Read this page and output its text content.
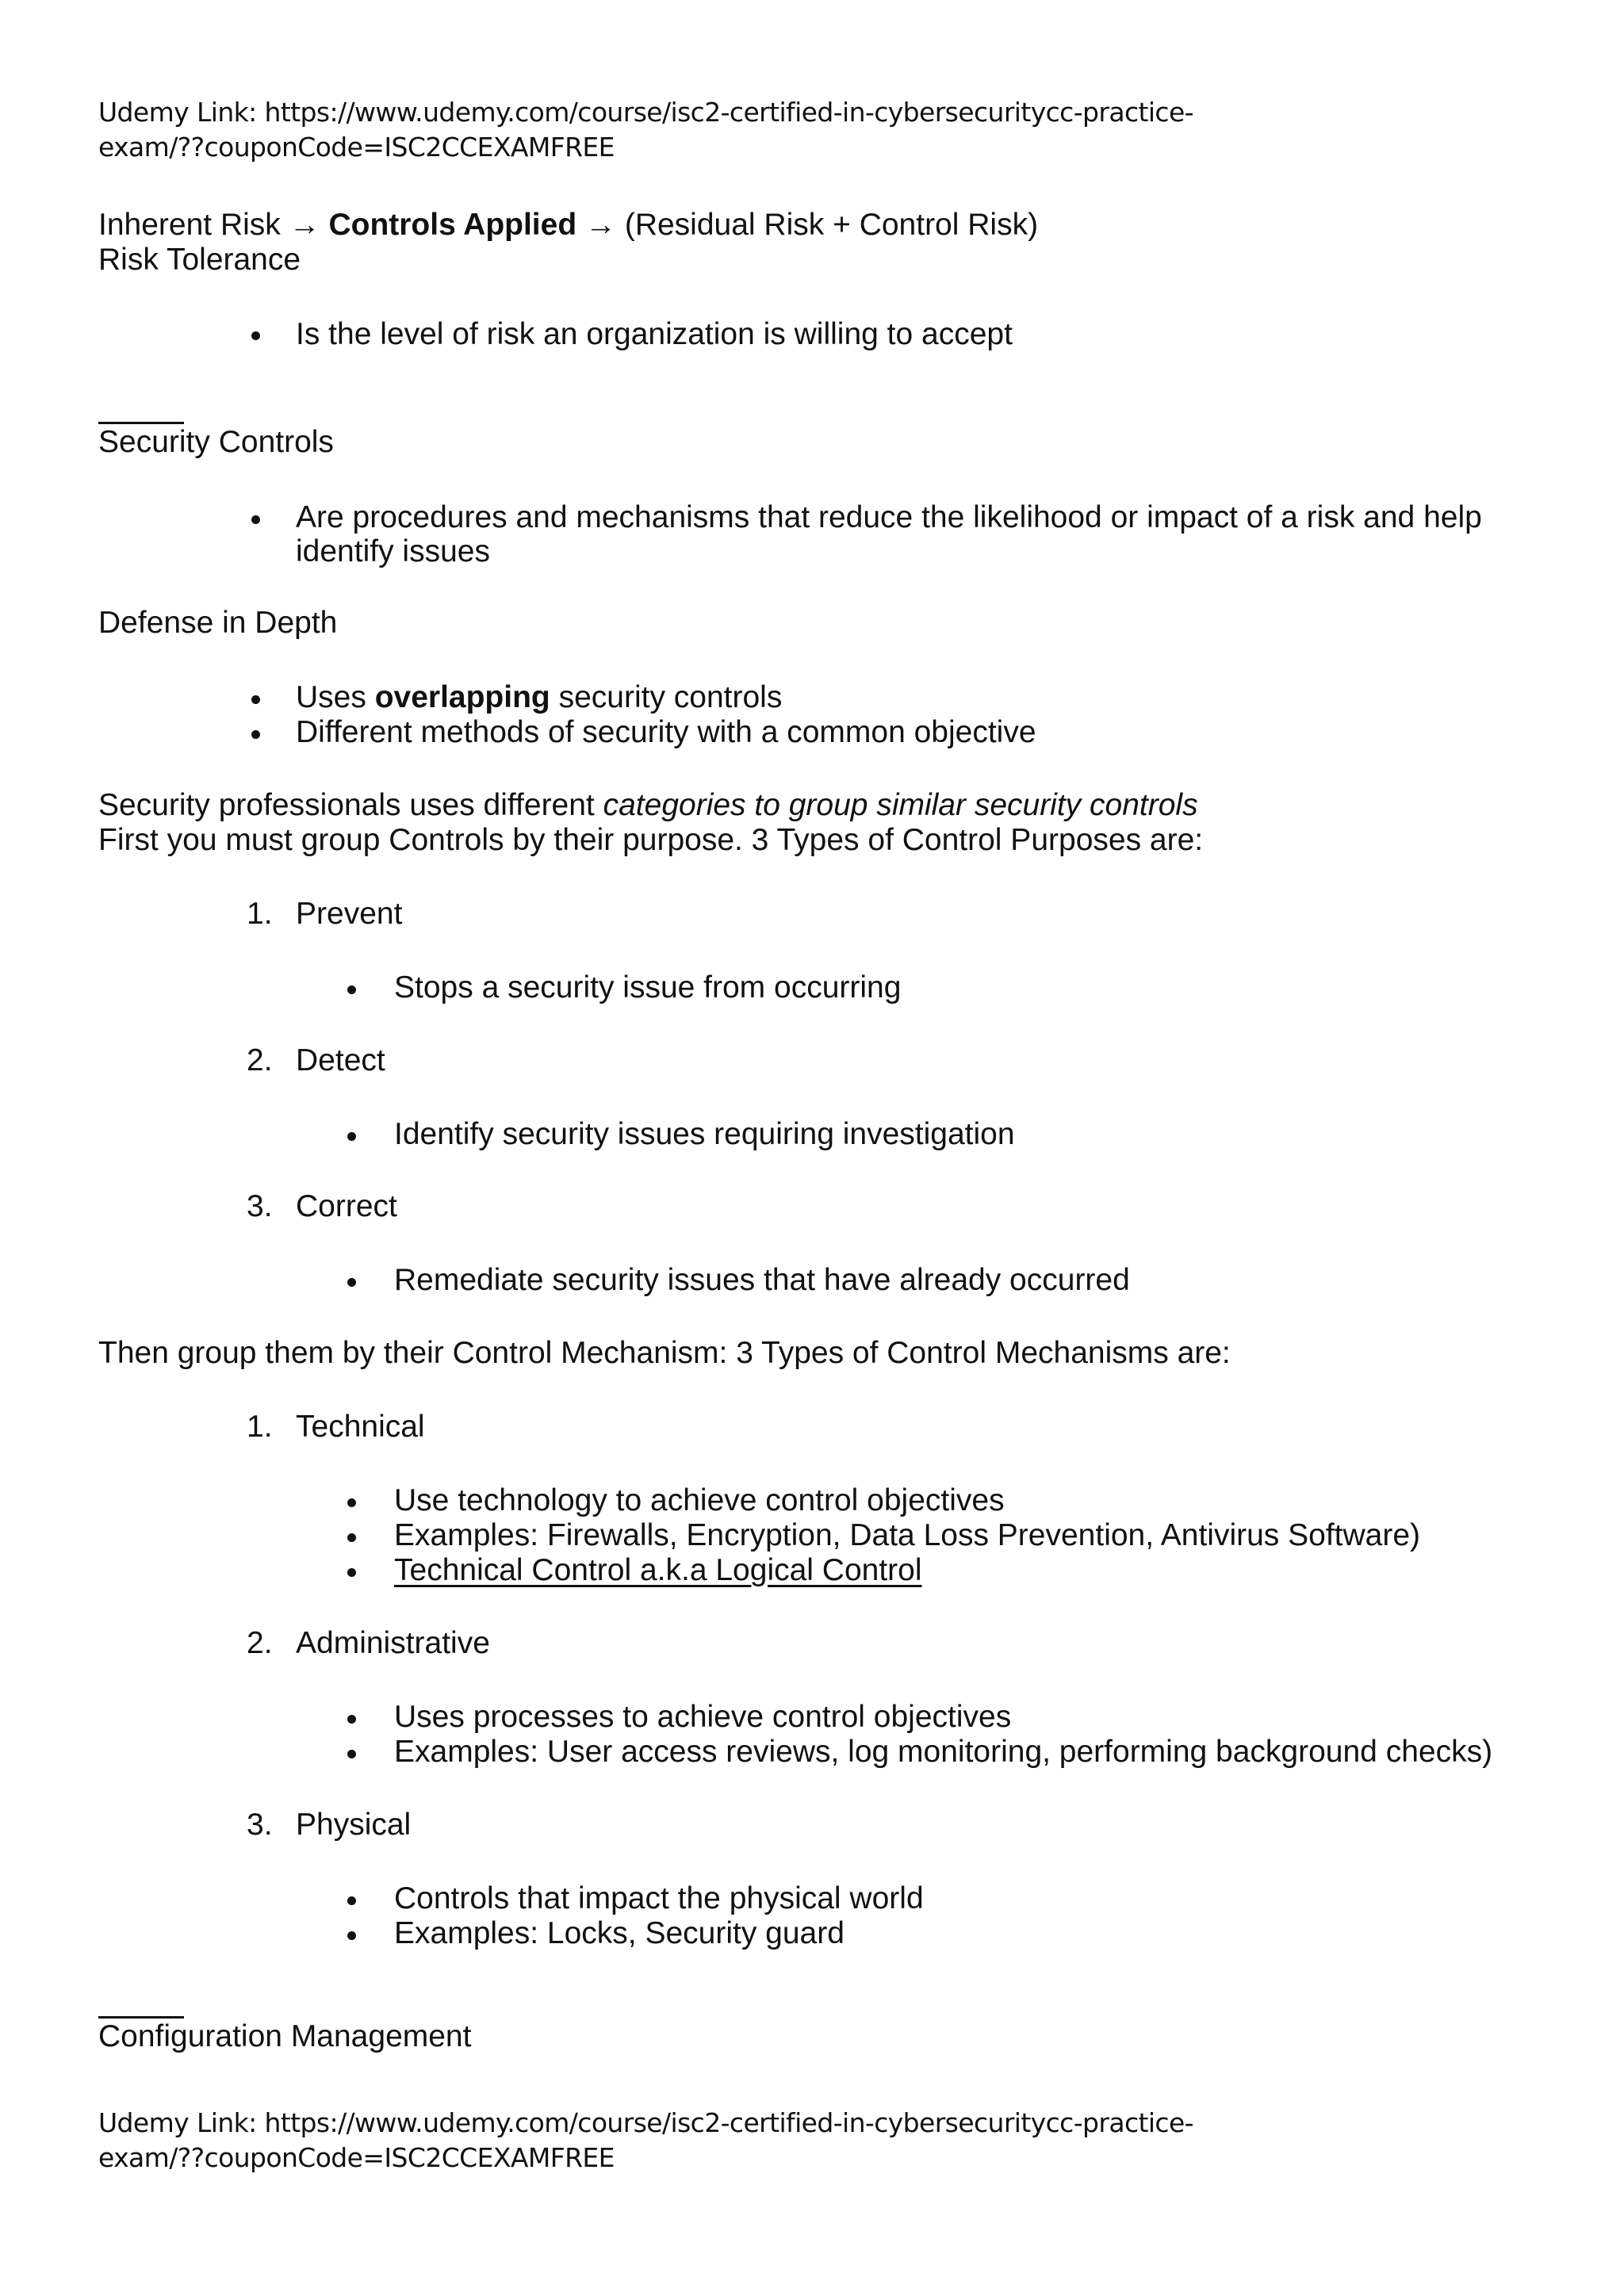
Udemy Link: https://www.udemy.com/course/isc2-certified-in-cybersecuritycc-practice-
exam/??couponCode=ISC2CCEXAMFREE
Inherent Risk → Controls Applied → (Residual Risk + Control Risk)
Risk Tolerance
Is the level of risk an organization is willing to accept
Security Controls
Are procedures and mechanisms that reduce the likelihood or impact of a risk and help
identify issues
Defense in Depth
Uses overlapping security controls
Different methods of security with a common objective
Security professionals uses different categories to group similar security controls
First you must group Controls by their purpose. 3 Types of Control Purposes are:
1. Prevent
Stops a security issue from occurring
2. Detect
Identify security issues requiring investigation
3. Correct
Remediate security issues that have already occurred
Then group them by their Control Mechanism: 3 Types of Control Mechanisms are:
1. Technical
Use technology to achieve control objectives
Examples: Firewalls, Encryption, Data Loss Prevention, Antivirus Software)
Technical Control a.k.a Logical Control
2. Administrative
Uses processes to achieve control objectives
Examples: User access reviews, log monitoring, performing background checks)
3. Physical
Controls that impact the physical world
Examples: Locks, Security guard
Configuration Management
Udemy Link: https://www.udemy.com/course/isc2-certified-in-cybersecuritycc-practice-
exam/??couponCode=ISC2CCEXAMFREE
